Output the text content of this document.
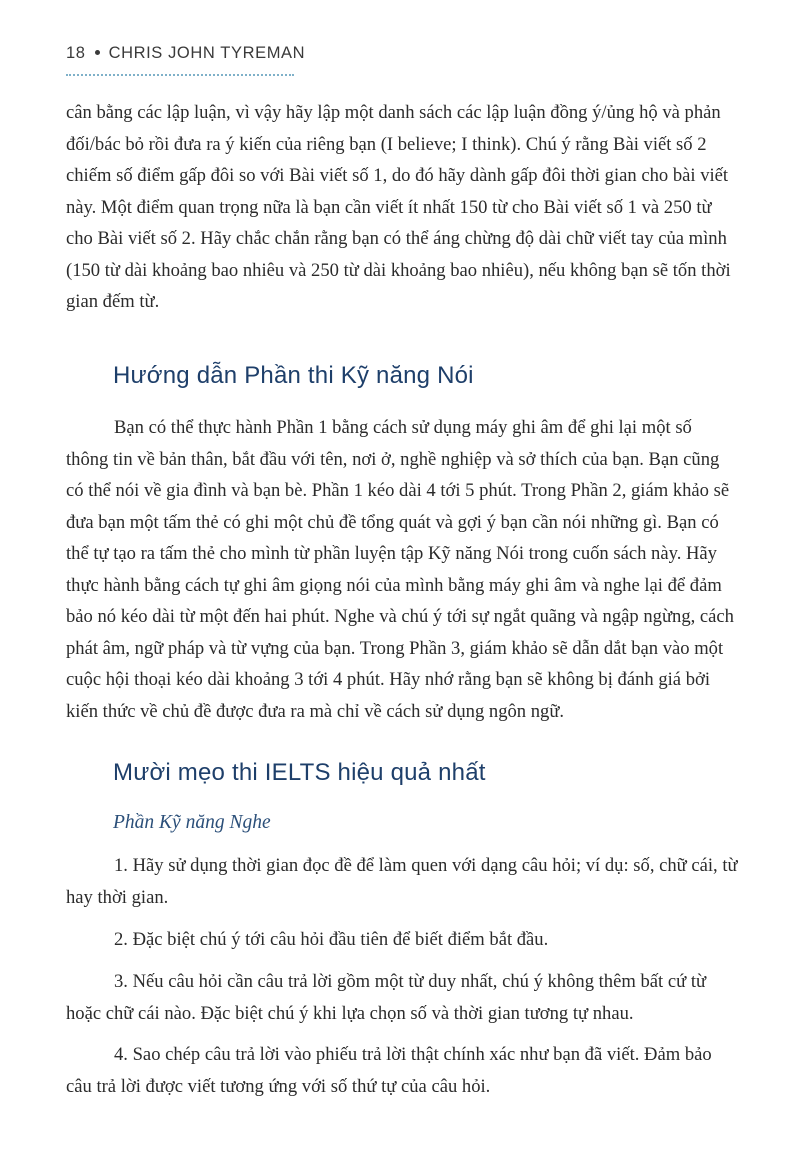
18 CHRIS JOHN TYREMAN

cân bằng các lập luận, vì vậy hãy lập một danh sách các lập luận đồng ý/ủng hộ và phản đối/bác bỏ rồi đưa ra ý kiến của riêng bạn (I believe; I think). Chú ý rằng Bài viết số 2 chiếm số điểm gấp đôi so với Bài viết số 1, do đó hãy dành gấp đôi thời gian cho bài viết này. Một điểm quan trọng nữa là bạn cần viết ít nhất 150 từ cho Bài viết số 1 và 250 từ cho Bài viết số 2. Hãy chắc chắn rằng bạn có thể áng chừng độ dài chữ viết tay của mình (150 từ dài khoảng bao nhiêu và 250 từ dài khoảng bao nhiêu), nếu không bạn sẽ tốn thời gian đếm từ.

Hướng dẫn Phần thi Kỹ năng Nói

Bạn có thể thực hành Phần 1 bằng cách sử dụng máy ghi âm để ghi lại một số thông tin về bản thân, bắt đầu với tên, nơi ở, nghề nghiệp và sở thích của bạn. Bạn cũng có thể nói về gia đình và bạn bè. Phần 1 kéo dài 4 tới 5 phút. Trong Phần 2, giám khảo sẽ đưa bạn một tấm thẻ có ghi một chủ đề tổng quát và gợi ý bạn cần nói những gì. Bạn có thể tự tạo ra tấm thẻ cho mình từ phần luyện tập Kỹ năng Nói trong cuốn sách này. Hãy thực hành bằng cách tự ghi âm giọng nói của mình bằng máy ghi âm và nghe lại để đảm bảo nó kéo dài từ một đến hai phút. Nghe và chú ý tới sự ngắt quãng và ngập ngừng, cách phát âm, ngữ pháp và từ vựng của bạn. Trong Phần 3, giám khảo sẽ dẫn dắt bạn vào một cuộc hội thoại kéo dài khoảng 3 tới 4 phút. Hãy nhớ rằng bạn sẽ không bị đánh giá bởi kiến thức về chủ đề được đưa ra mà chỉ về cách sử dụng ngôn ngữ.

Mười mẹo thi IELTS hiệu quả nhất

Phần Kỹ năng Nghe

1. Hãy sử dụng thời gian đọc đề để làm quen với dạng câu hỏi; ví dụ: số, chữ cái, từ hay thời gian.

2. Đặc biệt chú ý tới câu hỏi đầu tiên để biết điểm bắt đầu.

3. Nếu câu hỏi cần câu trả lời gồm một từ duy nhất, chú ý không thêm bất cứ từ hoặc chữ cái nào. Đặc biệt chú ý khi lựa chọn số và thời gian tương tự nhau.

4. Sao chép câu trả lời vào phiếu trả lời thật chính xác như bạn đã viết. Đảm bảo câu trả lời được viết tương ứng với số thứ tự của câu hỏi.
